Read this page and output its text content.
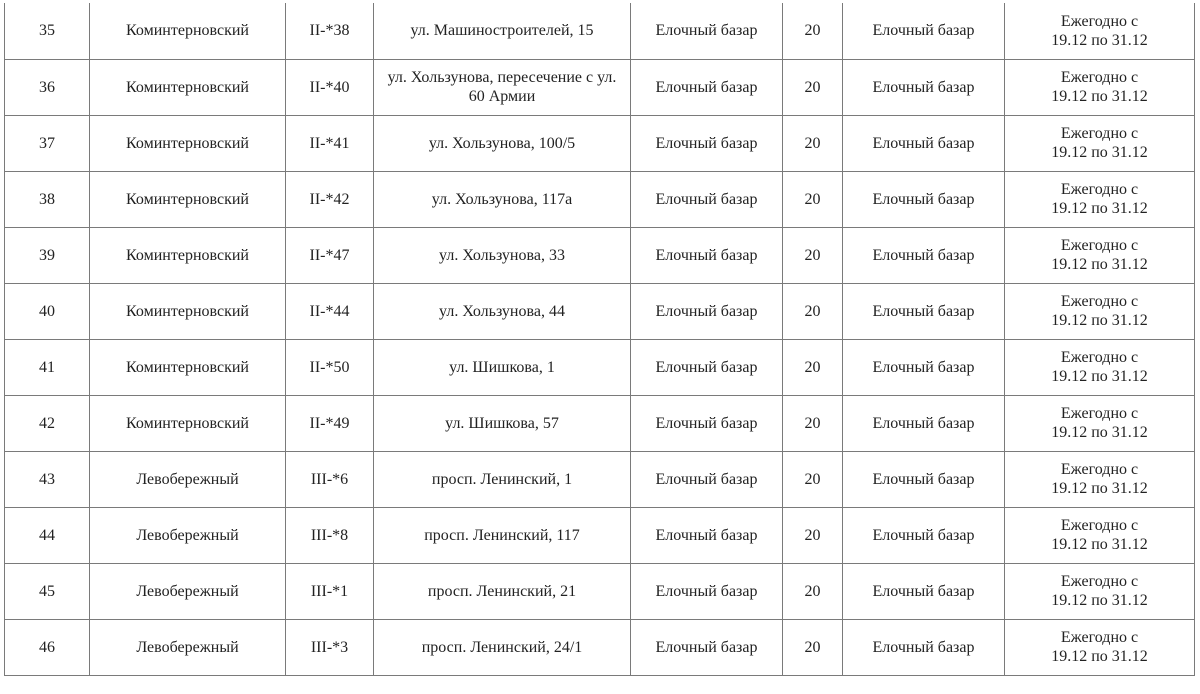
35	Коминтерновский	II-*38	ул. Машиностроителей, 15	Елочный базар	20	Елочный базар	Ежегодно с
19.12 по 31.12

36	Коминтерновский	II-*40	ул. Хользунова, пересечение с ул. 60 Армии	Елочный базар	20	Елочный базар	Ежегодно с
19.12 по 31.12

37	Коминтерновский	II-*41	ул. Хользунова, 100/5	Елочный базар	20	Елочный базар	Ежегодно с
19.12 по 31.12

38	Коминтерновский	II-*42	ул. Хользунова, 117а	Елочный базар	20	Елочный базар	Ежегодно с
19.12 по 31.12

39	Коминтерновский	II-*47	ул. Хользунова, 33	Елочный базар	20	Елочный базар	Ежегодно с
19.12 по 31.12

40	Коминтерновский	II-*44	ул. Хользунова, 44	Елочный базар	20	Елочный базар	Ежегодно с
19.12 по 31.12

41	Коминтерновский	II-*50	ул. Шишкова, 1	Елочный базар	20	Елочный базар	Ежегодно с
19.12 по 31.12

42	Коминтерновский	II-*49	ул. Шишкова, 57	Елочный базар	20	Елочный базар	Ежегодно с
19.12 по 31.12

43	Левобережный	III-*6	просп. Ленинский, 1	Елочный базар	20	Елочный базар	Ежегодно с
19.12 по 31.12

44	Левобережный	III-*8	просп. Ленинский, 117	Елочный базар	20	Елочный базар	Ежегодно с
19.12 по 31.12

45	Левобережный	III-*1	просп. Ленинский, 21	Елочный базар	20	Елочный базар	Ежегодно с
19.12 по 31.12

46	Левобережный	III-*3	просп. Ленинский, 24/1	Елочный базар	20	Елочный базар	Ежегодно с
19.12 по 31.12
